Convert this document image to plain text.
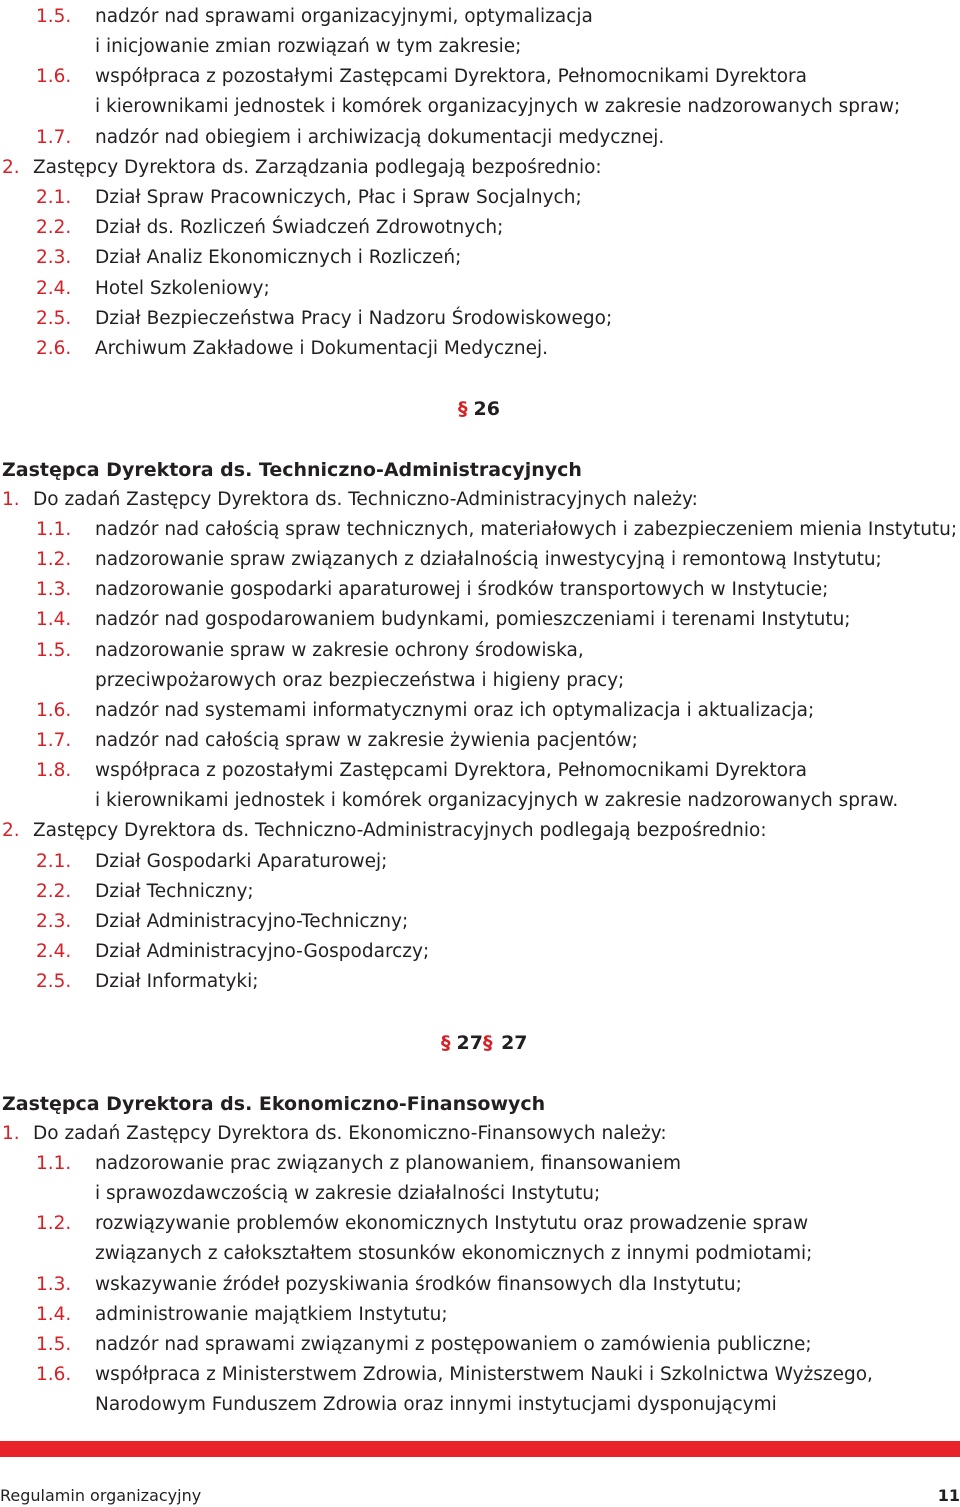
1.5. nadzór nad sprawami organizacyjnymi, optymalizacja
i inicjowanie zmian rozwiązań w tym zakresie;
1.6. współpraca z pozostałymi Zastępcami Dyrektora, Pełnomocnikami Dyrektora
i kierownikami jednostek i komórek organizacyjnych w zakresie nadzorowanych spraw;
1.7. nadzór nad obiegiem i archiwizacją dokumentacji medycznej.
2. Zastępcy Dyrektora ds. Zarządzania podlegają bezpośrednio:
2.1. Dział Spraw Pracowniczych, Płac i Spraw Socjalnych;
2.2. Dział ds. Rozliczeń Świadczeń Zdrowotnych;
2.3. Dział Analiz Ekonomicznych i Rozliczeń;
2.4. Hotel Szkoleniowy;
2.5. Dział Bezpieczeństwa Pracy i Nadzoru Środowiskowego;
2.6. Archiwum Zakładowe i Dokumentacji Medycznej.
§ 26
Zastępca Dyrektora ds. Techniczno-Administracyjnych
1. Do zadań Zastępcy Dyrektora ds. Techniczno-Administracyjnych należy:
1.1. nadzór nad całością spraw technicznych, materiałowych i zabezpieczeniem mienia Instytutu;
1.2. nadzorowanie spraw związanych z działalnością inwestycyjną i remontową Instytutu;
1.3. nadzorowanie gospodarki aparaturowej i środków transportowych w Instytucie;
1.4. nadzór nad gospodarowaniem budynkami, pomieszczeniami i terenami Instytutu;
1.5. nadzorowanie spraw w zakresie ochrony środowiska,
przeciwpożarowych oraz bezpieczeństwa i higieny pracy;
1.6. nadzór nad systemami informatycznymi oraz ich optymalizacja i aktualizacja;
1.7. nadzór nad całością spraw w zakresie żywienia pacjentów;
1.8. współpraca z pozostałymi Zastępcami Dyrektora, Pełnomocnikami Dyrektora
i kierownikami jednostek i komórek organizacyjnych w zakresie nadzorowanych spraw.
2. Zastępcy Dyrektora ds. Techniczno-Administracyjnych podlegają bezpośrednio:
2.1. Dział Gospodarki Aparaturowej;
2.2. Dział Techniczny;
2.3. Dział Administracyjno-Techniczny;
2.4. Dział Administracyjno-Gospodarczy;
2.5. Dział Informatyki;
§ 27§ 27
Zastępca Dyrektora ds. Ekonomiczno-Finansowych
1. Do zadań Zastępcy Dyrektora ds. Ekonomiczno-Finansowych należy:
1.1. nadzorowanie prac związanych z planowaniem, finansowaniem
i sprawozdawczością w zakresie działalności Instytutu;
1.2. rozwiązywanie problemów ekonomicznych Instytutu oraz prowadzenie spraw
związanych z całokształtem stosunków ekonomicznych z innymi podmiotami;
1.3. wskazywanie źródeł pozyskiwania środków finansowych dla Instytutu;
1.4. administrowanie majątkiem Instytutu;
1.5. nadzór nad sprawami związanymi z postępowaniem o zamówienia publiczne;
1.6. współpraca z Ministerstwem Zdrowia, Ministerstwem Nauki i Szkolnictwa Wyższego,
Narodowym Funduszem Zdrowia oraz innymi instytucjami dysponującymi
Regulamin organizacyjny	11
